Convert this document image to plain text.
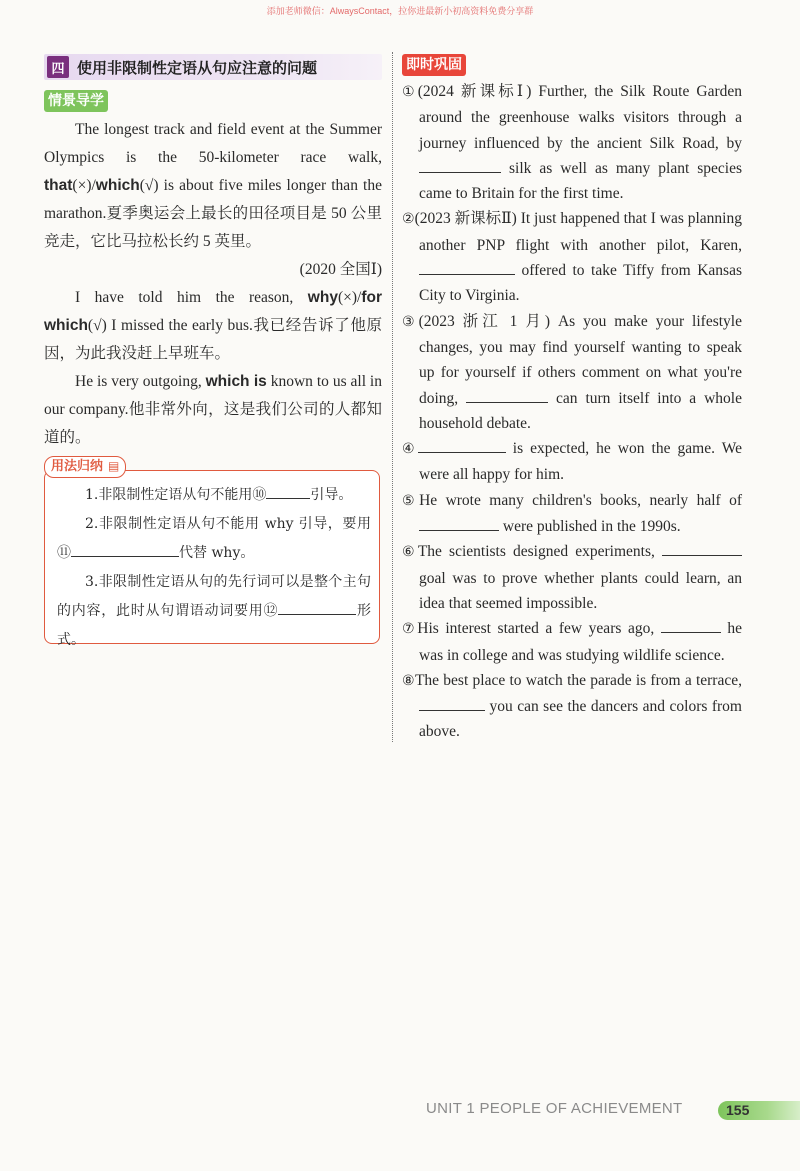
添加老师微信：AlwaysContact，拉你进最新小初高资料免费分享群
四 使用非限制性定语从句应注意的问题
情景导学

The longest track and field event at the Summer Olympics is the 50-kilometer race walk, that(×)/which(√) is about five miles longer than the marathon.夏季奥运会上最长的田径项目是 50 公里竞走，它比马拉松长约 5 英里。

(2020 全国Ⅰ)

I have told him the reason, why(×)/for which(√) I missed the early bus.我已经告诉了他原因，为此我没赶上早班车。

He is very outgoing, which is known to us all in our company.他非常外向，这是我们公司的人都知道的。

1.非限制性定语从句不能用⑩	引导。

2.非限制性定语从句不能用 why 引导，要用⑪	代替 why。

3.非限制性定语从句的先行词可以是整个主句的内容，此时从句谓语动词要用⑫	形式。

用法归纳 ▤
即时巩固

①(2024 新课标Ⅰ) Further, the Silk Route Garden around the greenhouse walks visitors through a journey influenced by the ancient Silk Road, by  silk as well as many plant species came to Britain for the first time.

②(2023 新课标Ⅱ) It just happened that I was planning another PNP flight with another pilot, Karen,  offered to take Tiffy from Kansas City to Virginia.

③(2023 浙江 1 月) As you make your lifestyle changes, you may find yourself wanting to speak up for yourself if others comment on what you're doing,	can turn itself into a whole household debate.

④	is expected, he won the game. We were all happy for him.

⑤He wrote many children's books, nearly half of  were published in the 1990s.

⑥The scientists designed experiments,  goal was to prove whether plants could learn, an idea that seemed impossible.

⑦His interest started a few years ago,	he was in college and was studying wildlife science.

⑧The best place to watch the parade is from a terrace,  you can see the dancers and colors from above.

UNIT 1 PEOPLE OF ACHIEVEMENT	155
